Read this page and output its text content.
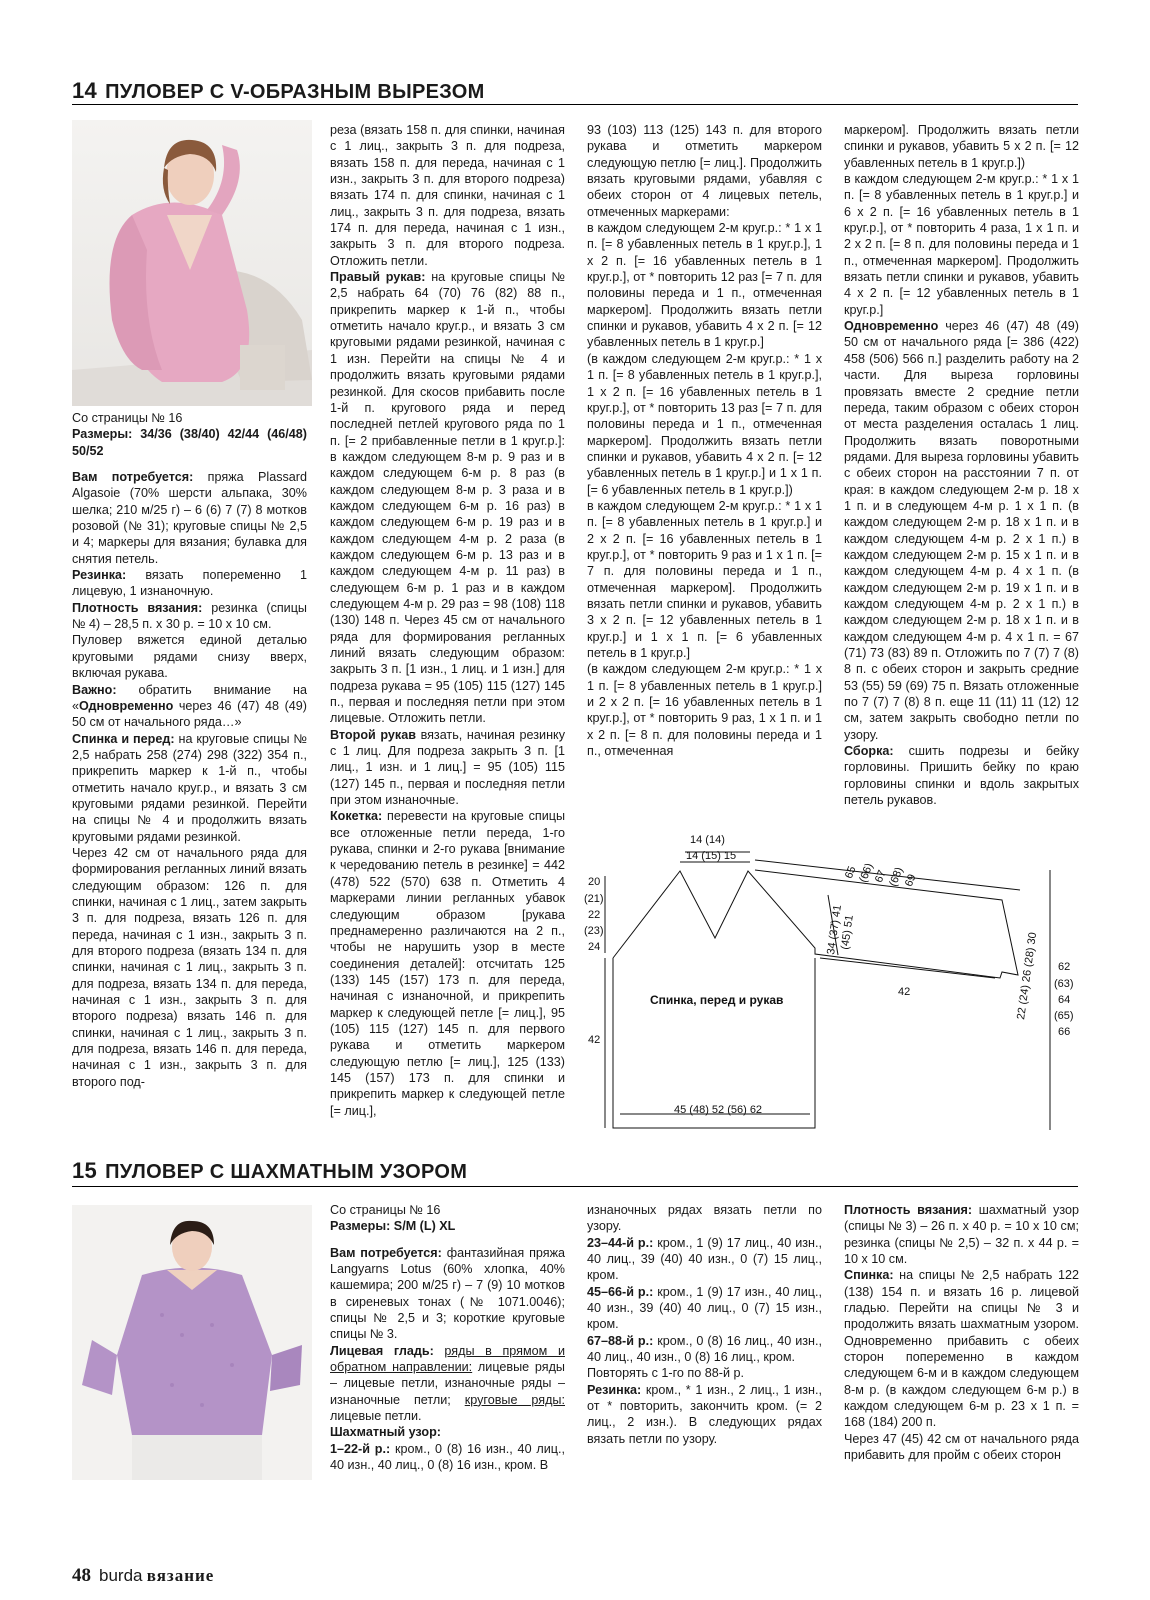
14 ПУЛОВЕР С V-ОБРАЗНЫМ ВЫРЕЗОМ

Со страницы № 16

Размеры: 34/36 (38/40) 42/44 (46/48) 50/52

Вам потребуется: пряжа Plassard Algasoie (70% шерсти альпака, 30% шелка; 210 м/25 г) – 6 (6) 7 (7) 8 мотков розовой (№ 31); круговые спицы № 2,5 и 4; маркеры для вязания; булавка для снятия петель.

Резинка: вязать попеременно 1 лицевую, 1 изнаночную.

Плотность вязания: резинка (спицы № 4) – 28,5 п. х 30 р. = 10 х 10 см.

Пуловер вяжется единой деталью круговыми рядами снизу вверх, включая рукава.

Важно: обратить внимание на «Одновременно через 46 (47) 48 (49) 50 см от начального ряда…»

Спинка и перед: на круговые спицы № 2,5 набрать 258 (274) 298 (322) 354 п., прикрепить маркер к 1-й п., чтобы отметить начало круг.р., и вязать 3 см круговыми рядами резинкой. Перейти на спицы № 4 и продолжить вязать круговыми рядами резинкой.

Через 42 см от начального ряда для формирования регланных линий вязать следующим образом: 126 п. для спинки, начиная с 1 лиц., затем закрыть 3 п. для подреза, вязать 126 п. для переда, начиная с 1 изн., закрыть 3 п. для второго подреза (вязать 134 п. для спинки, начиная с 1 лиц., закрыть 3 п. для подреза, вязать 134 п. для переда, начиная с 1 изн., закрыть 3 п. для второго подреза) вязать 146 п. для спинки, начиная с 1 лиц., закрыть 3 п. для подреза, вязать 146 п. для переда, начиная с 1 изн., закрыть 3 п. для второго под-

реза (вязать 158 п. для спинки, начиная с 1 лиц., закрыть 3 п. для подреза, вязать 158 п. для переда, начиная с 1 изн., закрыть 3 п. для второго подреза) вязать 174 п. для спинки, начиная с 1 лиц., закрыть 3 п. для подреза, вязать 174 п. для переда, начиная с 1 изн., закрыть 3 п. для второго подреза. Отложить петли.

Правый рукав: на круговые спицы № 2,5 набрать 64 (70) 76 (82) 88 п., прикрепить маркер к 1-й п., чтобы отметить начало круг.р., и вязать 3 см круговыми рядами резинкой, начиная с 1 изн. Перейти на спицы № 4 и продолжить вязать круговыми рядами резинкой. Для скосов прибавить после 1-й п. кругового ряда и перед последней петлей кругового ряда по 1 п. [= 2 прибавленные петли в 1 круг.р.]: в каждом следующем 8-м р. 9 раз и в каждом следующем 6-м р. 8 раз (в каждом следующем 8-м р. 3 раза и в каждом следующем 6-м р. 16 раз) в каждом следующем 6-м р. 19 раз и в каждом следующем 4-м р. 2 раза (в каждом следующем 6-м р. 13 раз и в каждом следующем 4-м р. 11 раз) в следующем 6-м р. 1 раз и в каждом следующем 4-м р. 29 раз = 98 (108) 118 (130) 148 п. Через 45 см от начального ряда для формирования регланных линий вязать следующим образом: закрыть 3 п. [1 изн., 1 лиц. и 1 изн.] для подреза рукава = 95 (105) 115 (127) 145 п., первая и последняя петли при этом лицевые. Отложить петли.

Второй рукав вязать, начиная резинку с 1 лиц. Для подреза закрыть 3 п. [1 лиц., 1 изн. и 1 лиц.] = 95 (105) 115 (127) 145 п., первая и последняя петли при этом изнаночные.

Кокетка: перевести на круговые спицы все отложенные петли переда, 1-го рукава, спинки и 2-го рукава [внимание к чередованию петель в резинке] = 442 (478) 522 (570) 638 п. Отметить 4 маркерами линии регланных убавок следующим образом [рукава преднамеренно различаются на 2 п., чтобы не нарушить узор в месте соединения деталей]: отсчитать 125 (133) 145 (157) 173 п. для переда, начиная с изнаночной, и прикрепить маркер к следующей петле [= лиц.], 95 (105) 115 (127) 145 п. для первого рукава и отметить маркером следующую петлю [= лиц.], 125 (133) 145 (157) 173 п. для спинки и прикрепить маркер к следующей петле [= лиц.],

93 (103) 113 (125) 143 п. для второго рукава и отметить маркером следующую петлю [= лиц.]. Продолжить вязать круговыми рядами, убавляя с обеих сторон от 4 лицевых петель, отмеченных маркерами:

в каждом следующем 2-м круг.р.: * 1 х 1 п. [= 8 убавленных петель в 1 круг.р.], 1 х 2 п. [= 16 убавленных петель в 1 круг.р.], от * повторить 12 раз [= 7 п. для половины переда и 1 п., отмеченная маркером]. Продолжить вязать петли спинки и рукавов, убавить 4 х 2 п. [= 12 убавленных петель в 1 круг.р.]

(в каждом следующем 2-м круг.р.: * 1 х 1 п. [= 8 убавленных петель в 1 круг.р.], 1 х 2 п. [= 16 убавленных петель в 1 круг.р.], от * повторить 13 раз [= 7 п. для половины переда и 1 п., отмеченная маркером]. Продолжить вязать петли спинки и рукавов, убавить 4 х 2 п. [= 12 убавленных петель в 1 круг.р.] и 1 х 1 п. [= 6 убавленных петель в 1 круг.р.])

в каждом следующем 2-м круг.р.: * 1 х 1 п. [= 8 убавленных петель в 1 круг.р.] и 2 х 2 п. [= 16 убавленных петель в 1 круг.р.], от * повторить 9 раз и 1 х 1 п. [= 7 п. для половины переда и 1 п., отмеченная маркером]. Продолжить вязать петли спинки и рукавов, убавить 3 х 2 п. [= 12 убавленных петель в 1 круг.р.] и 1 х 1 п. [= 6 убавленных петель в 1 круг.р.]

(в каждом следующем 2-м круг.р.: * 1 х 1 п. [= 8 убавленных петель в 1 круг.р.] и 2 х 2 п. [= 16 убавленных петель в 1 круг.р.], от * повторить 9 раз, 1 х 1 п. и 1 х 2 п. [= 8 п. для половины переда и 1 п., отмеченная

маркером]. Продолжить вязать петли спинки и рукавов, убавить 5 х 2 п. [= 12 убавленных петель в 1 круг.р.])

в каждом следующем 2-м круг.р.: * 1 х 1 п. [= 8 убавленных петель в 1 круг.р.] и 6 х 2 п. [= 16 убавленных петель в 1 круг.р.], от * повторить 4 раза, 1 х 1 п. и 2 х 2 п. [= 8 п. для половины переда и 1 п., отмеченная маркером]. Продолжить вязать петли спинки и рукавов, убавить 4 х 2 п. [= 12 убавленных петель в 1 круг.р.]

Одновременно через 46 (47) 48 (49) 50 см от начального ряда [= 386 (422) 458 (506) 566 п.] разделить работу на 2 части. Для выреза горловины провязать вместе 2 средние петли переда, таким образом с обеих сторон от места разделения осталась 1 лиц. Продолжить вязать поворотными рядами. Для выреза горловины убавить с обеих сторон на расстоянии 7 п. от края: в каждом следующем 2-м р. 18 х 1 п. и в следующем 4-м р. 1 х 1 п. (в каждом следующем 2-м р. 18 х 1 п. и в каждом следующем 4-м р. 2 х 1 п.) в каждом следующем 2-м р. 15 х 1 п. и в каждом следующем 4-м р. 4 х 1 п. (в каждом следующем 2-м р. 19 х 1 п. и в каждом следующем 4-м р. 2 х 1 п.) в каждом следующем 2-м р. 18 х 1 п. и в каждом следующем 4-м р. 4 х 1 п. = 67 (71) 73 (83) 89 п. Отложить по 7 (7) 7 (8) 8 п. с обеих сторон и закрыть средние 53 (55) 59 (69) 75 п. Вязать отложенные по 7 (7) 7 (8) 8 п. еще 11 (11) 11 (12) 12 см, затем закрыть свободно петли по узору.

Сборка: сшить подрезы и бейку горловины. Пришить бейку по краю горловины спинки и вдоль закрытых петель рукавов.

14 (14)
14 (15) 15
20
(21)
22
(23)
24
42
Спинка, перед и рукав
45 (48) 52 (56) 62
42
65
(66)
67
(68)
69
34 (37) 41
(45) 51	22 (24) 26 (28) 30 62
(63)
64
(65)
66
15 ПУЛОВЕР С ШАХМАТНЫМ УЗОРОМ

Со страницы № 16

Размеры: S/M (L) XL

Вам потребуется: фантазийная пряжа Langyarns Lotus (60% хлопка, 40% кашемира; 200 м/25 г) – 7 (9) 10 мотков в сиреневых тонах (№ 1071.0046); спицы № 2,5 и 3; короткие круговые спицы № 3.

Лицевая гладь: ряды в прямом и обратном направлении: лицевые ряды – лицевые петли, изнаночные ряды – изнаночные петли; круговые ряды: лицевые петли.

Шахматный узор:

1–22-й р.: кром., 0 (8) 16 изн., 40 лиц., 40 изн., 40 лиц., 0 (8) 16 изн., кром. В

изнаночных рядах вязать петли по узору.

23–44-й р.: кром., 1 (9) 17 лиц., 40 изн., 40 лиц., 39 (40) 40 изн., 0 (7) 15 лиц., кром.

45–66-й р.: кром., 1 (9) 17 изн., 40 лиц., 40 изн., 39 (40) 40 лиц., 0 (7) 15 изн., кром.

67–88-й р.: кром., 0 (8) 16 лиц., 40 изн., 40 лиц., 40 изн., 0 (8) 16 лиц., кром.

Повторять с 1-го по 88-й р.

Резинка: кром., * 1 изн., 2 лиц., 1 изн., от * повторить, закончить кром. (= 2 лиц., 2 изн.). В следующих рядах вязать петли по узору.

Плотность вязания: шахматный узор (спицы № 3) – 26 п. х 40 р. = 10 х 10 см; резинка (спицы № 2,5) – 32 п. х 44 р. = 10 х 10 см.

Спинка: на спицы № 2,5 набрать 122 (138) 154 п. и вязать 16 р. лицевой гладью. Перейти на спицы № 3 и продолжить вязать шахматным узором. Одновременно прибавить с обеих сторон попеременно в каждом следующем 6-м и в каждом следующем 8-м р. (в каждом следующем 6-м р.) в каждом следующем 6-м р. 23 х 1 п. = 168 (184) 200 п.

Через 47 (45) 42 см от начального ряда прибавить для пройм с обеих сторон

48 burda вязание
